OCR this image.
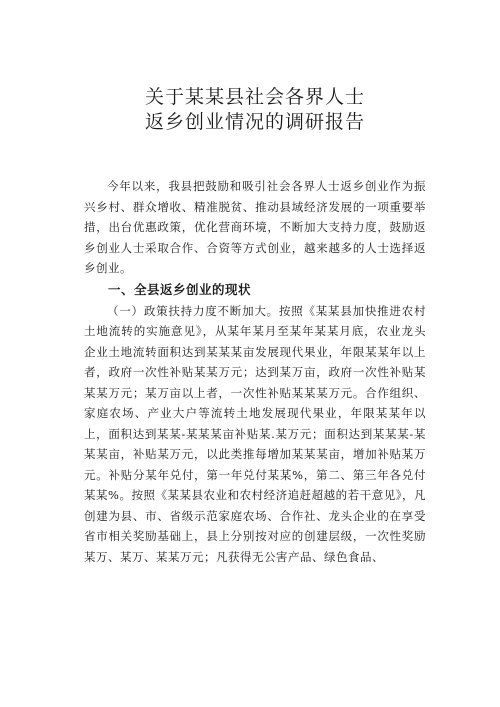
关于某某县社会各界人士
返乡创业情况的调研报告

今年以来，我县把鼓励和吸引社会各界人士返乡创业作为振兴乡村、群众增收、精准脱贫、推动县域经济发展的一项重要举措，出台优惠政策，优化营商环境，不断加大支持力度，鼓励返乡创业人士采取合作、合资等方式创业，越来越多的人士选择返乡创业。

一、全县返乡创业的现状

（一）政策扶持力度不断加大。按照《某某县加快推进农村土地流转的实施意见》，从某年某月至某年某某月底，农业龙头企业土地流转面积达到某某某亩发展现代果业，年限某某年以上者，政府一次性补贴某某万元；达到某万亩，政府一次性补贴某某某万元；某万亩以上者，一次性补贴某某某万元。合作组织、家庭农场、产业大户等流转土地发展现代果业，年限某某年以上，面积达到某某-某某某亩补贴某.某万元；面积达到某某某-某某某亩，补贴某万元，以此类推每增加某某某亩，增加补贴某万元。补贴分某年兑付，第一年兑付某某%，第二、第三年各兑付某某%。按照《某某县农业和农村经济追赶超越的若干意见》，凡创建为县、市、省级示范家庭农场、合作社、龙头企业的在享受省市相关奖励基础上，县上分别按对应的创建层级，一次性奖励某万、某万、某某万元；凡获得无公害产品、绿色食品、
